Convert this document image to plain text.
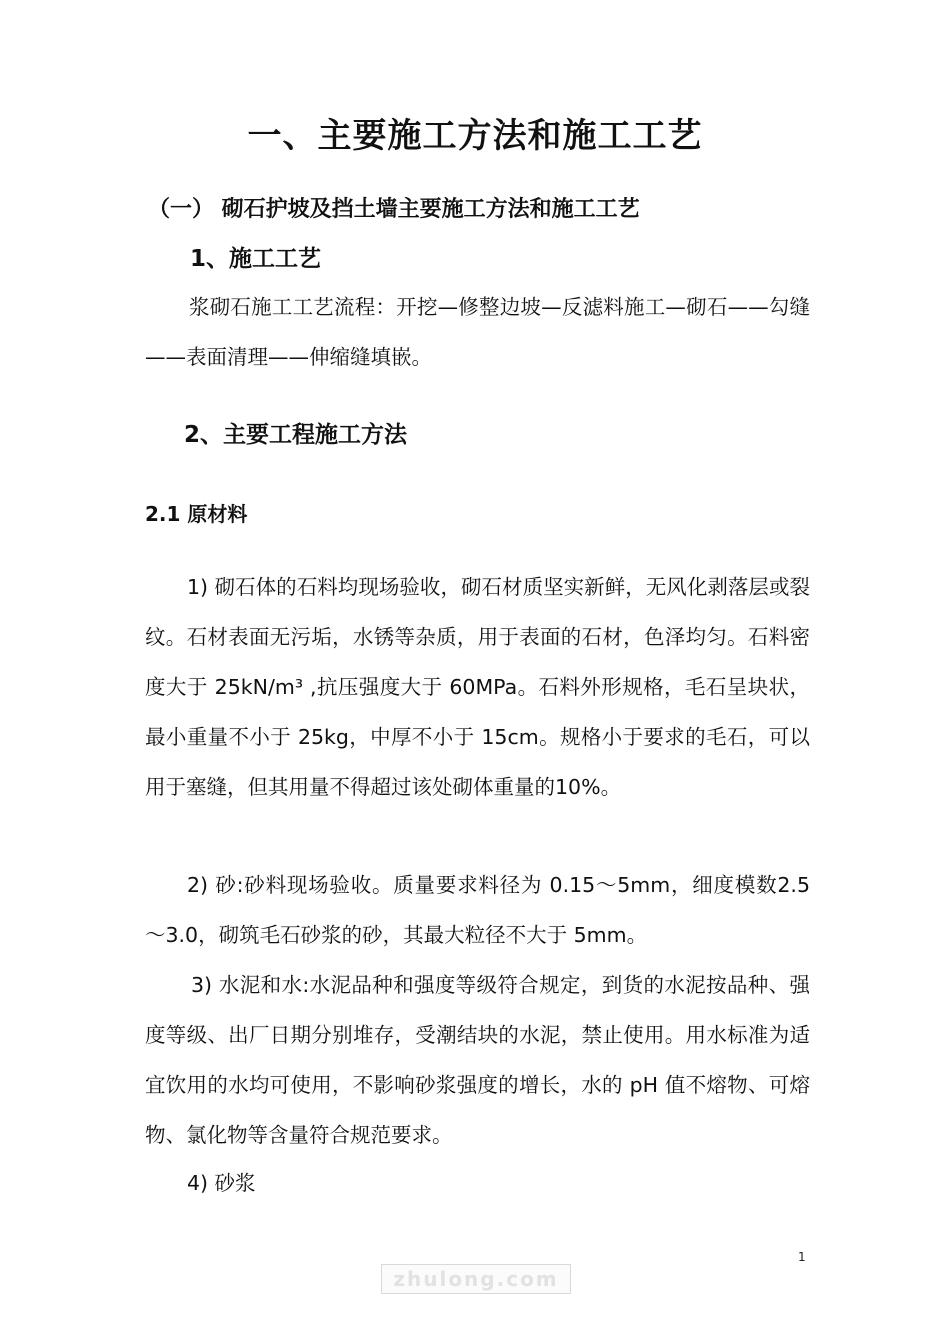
一、主要施工方法和施工工艺
（一） 砌石护坡及挡土墙主要施工方法和施工工艺
1、施工工艺
浆砌石施工工艺流程：开挖—修整边坡—反滤料施工—砌石——勾缝——表面清理——伸缩缝填嵌。
2、主要工程施工方法
2.1 原材料
1) 砌石体的石料均现场验收，砌石材质坚实新鲜，无风化剥落层或裂纹。石材表面无污垢，水锈等杂质，用于表面的石材，色泽均匀。石料密度大于 25kN/m³ ,抗压强度大于 60MPa。石料外形规格，毛石呈块状，最小重量不小于 25kg，中厚不小于 15cm。规格小于要求的毛石，可以用于塞缝，但其用量不得超过该处砌体重量的10%。
2) 砂:砂料现场验收。质量要求料径为 0.15～5mm，细度模数2.5～3.0，砌筑毛石砂浆的砂，其最大粒径不大于 5mm。
3) 水泥和水:水泥品种和强度等级符合规定，到货的水泥按品种、强度等级、出厂日期分别堆存，受潮结块的水泥，禁止使用。用水标准为适宜饮用的水均可使用，不影响砂浆强度的增长，水的 pH 值不熔物、可熔物、氯化物等含量符合规范要求。
4) 砂浆
1
zhulong.com
